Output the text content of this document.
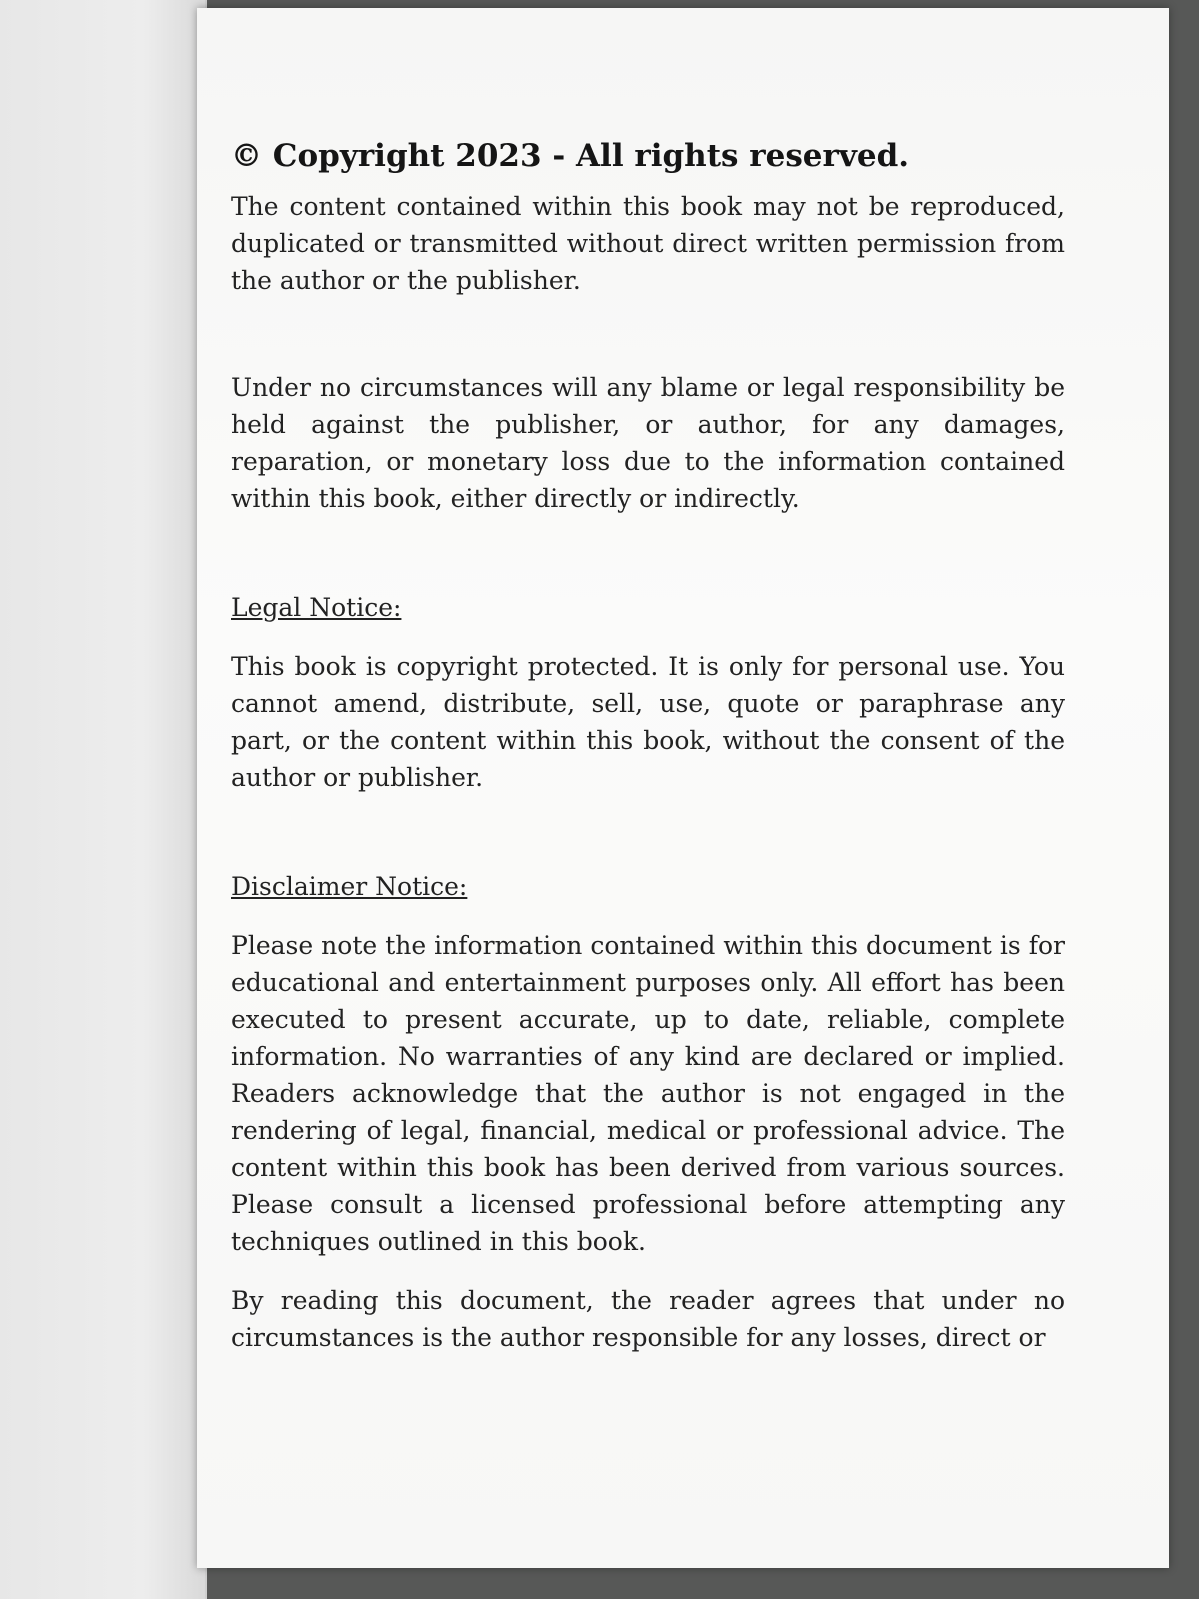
© Copyright 2023 - All rights reserved.

The content contained within this book may not be reproduced, duplicated or transmitted without direct written permission from the author or the publisher.

Under no circumstances will any blame or legal responsibility be held against the publisher, or author, for any damages, reparation, or monetary loss due to the information contained within this book, either directly or indirectly.

Legal Notice:

This book is copyright protected. It is only for personal use. You cannot amend, distribute, sell, use, quote or paraphrase any part, or the content within this book, without the consent of the author or publisher.

Disclaimer Notice:

Please note the information contained within this document is for educational and entertainment purposes only. All effort has been executed to present accurate, up to date, reliable, complete information. No warranties of any kind are declared or implied. Readers acknowledge that the author is not engaged in the rendering of legal, financial, medical or professional advice. The content within this book has been derived from various sources. Please consult a licensed professional before attempting any techniques outlined in this book.

By reading this document, the reader agrees that under no circumstances is the author responsible for any losses, direct or
